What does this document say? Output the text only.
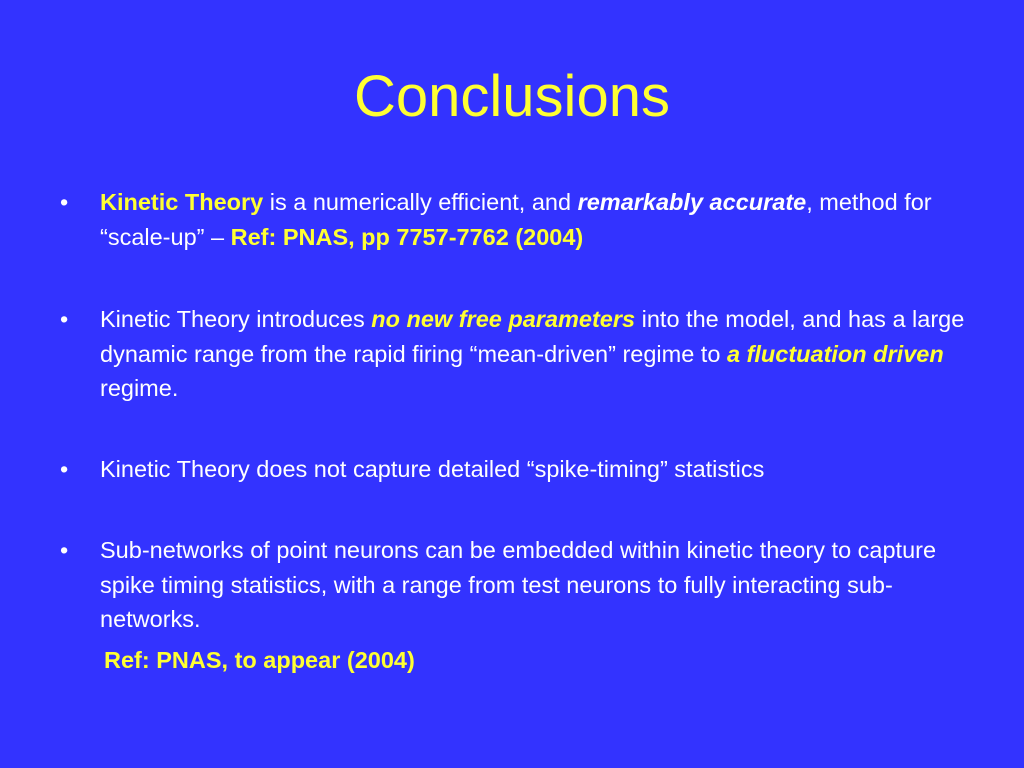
Conclusions
• Kinetic Theory is a numerically efficient, and remarkably accurate, method for “scale-up” – Ref: PNAS, pp 7757-7762 (2004)
• Kinetic Theory introduces no new free parameters into the model, and has a large dynamic range from the rapid firing “mean-driven” regime to a fluctuation driven regime.
• Kinetic Theory does not capture detailed “spike-timing” statistics
• Sub-networks of point neurons can be embedded within kinetic theory to capture spike timing statistics, with a range from test neurons to fully interacting sub-networks.
Ref: PNAS, to appear (2004)
